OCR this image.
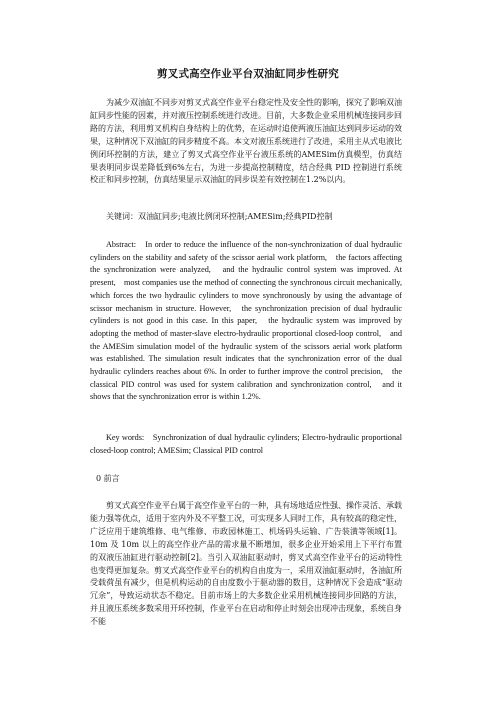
剪叉式高空作业平台双油缸同步性研究

为减少双油缸不同步对剪叉式高空作业平台稳定性及安全性的影响，探究了影响双油缸同步性能的因素，并对液压控制系统进行改进。目前，大多数企业采用机械连接同步回路的方法，利用剪叉机构自身结构上的优势，在运动时追使两液压油缸达到同步运动的效果，这种情况下双油缸的同步精度不高。本文对液压系统进行了改进，采用主从式电液比例闭环控制的方法，建立了剪叉式高空作业平台液压系统的AMESim仿真模型，仿真结果表明同步误差降低到6%左右，为进一步提高控制精度，结合经典 PID 控制进行系统校正和同步控制，仿真结果显示双油缸的同步误差有效控制在1.2%以内。

关键词：双油缸同步;电液比例闭环控制;AMESim;经典PID控制

Abstract:　In order to reduce the influence of the non-synchronization of dual hydraulic cylinders on the stability and safety of the scissor aerial work platform,　the factors affecting the synchronization were analyzed,　and the hydraulic control system was improved. At present,　most companies use the method of connecting the synchronous circuit mechanically,　which forces the two hydraulic cylinders to move synchronously by using the advantage of scissor mechanism in structure. However,　the synchronization precision of dual hydraulic cylinders is not good in this case. In this paper,　the hydraulic system was improved by adopting the method of master-slave electro-hydraulic proportional closed-loop control,　and the AMESim simulation model of the hydraulic system of the scissors aerial work platform was established. The simulation result indicates that the synchronization error of the dual hydraulic cylinders reaches about 6%. In order to further improve the control precision,　the classical PID control was used for system calibration and synchronization control,　and it shows that the synchronization error is within 1.2%.

Key words:　Synchronization of dual hydraulic cylinders; Electro-hydraulic proportional closed-loop control; AMESim; Classical PID control

0 前言

剪叉式高空作业平台属于高空作业平台的一种，具有场地适应性强、操作灵活、承载能力强等优点，适用于室内外及不平整工况，可实现多人同时工作，具有较高的稳定性，广泛应用于建筑维修、电气维修、市政园林施工、机场码头运输、广告装潢等领域[1]。10m 及 10m 以上的高空作业产品的需求量不断增加，很多企业开始采用上下平行布置的双液压油缸进行驱动控制[2]。当引入双油缸驱动时，剪叉式高空作业平台的运动特性也变得更加复杂。剪叉式高空作业平台的机构自由度为一，采用双油缸驱动时，各油缸所受载荷虽有减少，但是机构运动的自由度数小于驱动器的数目，这种情况下会造成“驱动冗余”，导致运动状态不稳定。目前市场上的大多数企业采用机械连接同步回路的方法，并且液压系统多数采用开环控制，作业平台在启动和停止时刻会出现冲击现象，系统自身不能
